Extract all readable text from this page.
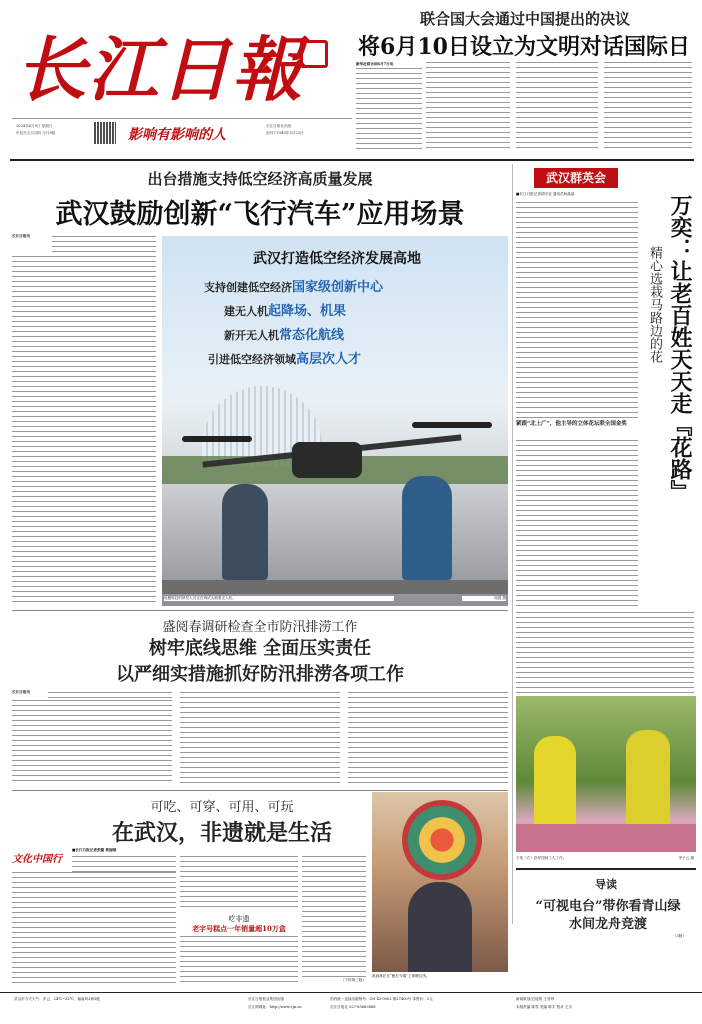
长江日報
2024年6月9日 星期日
甲辰年五月初四 今日8版	影响有影响的人
长江日报社出版
创刊于1949年5月23日
联合国大会通过中国提出的决议
将6月10日设立为文明对话国际日
新华社联合国6月7日电
出台措施支持低空经济高质量发展
武汉鼓励创新“飞行汽车”应用场景
长江日报讯
武汉打造低空经济发展高地
支持创建低空经济国家级创新中心
建无人机起降场、机果
新开无人机常态化航线
引进低空经济领域高层次人才
电鳗科技的研发人员正在调试大载重无人机。	周超 摄
武汉群英会
■长江日报记者胡平亚 通讯员杨晶晶	万奕：让老百姓天天走『花路』
精心选栽马路边的花
紧跟“北上广”，他主导的立体花坛联全国金奖
万奕（右）指导园林工人工作。	李子云 摄
导读
“可视电台”带你看青山绿水间龙舟竞渡
（3版）
盛阅春调研检查全市防汛排涝工作
树牢底线思维 全面压实责任
以严细实措施抓好防汛排涝各项工作
长江日报讯
可吃、可穿、可用、可玩
在武汉，非遗就是生活
文化中国行
■长江日报记者张璐 黄丽晴
吃非遗
老字号糕点一年销量超10万盒
姚画寡匠在“鲍长今端”上喷糖汉绣。
（下转第三版）
武汉市今天天气：多云，24℃~32℃，偏南风2到3级	长江日报报业集团出版
长江网网址：http://www.cjn.cn
国内统一连续出版物号：CN 42-0002 第27400号 零售价：2元
长江日报社 027-85685888
新闻策划/总值班 王晋炜
本版责编 陈雪 美编 陈宇 校对 王川
